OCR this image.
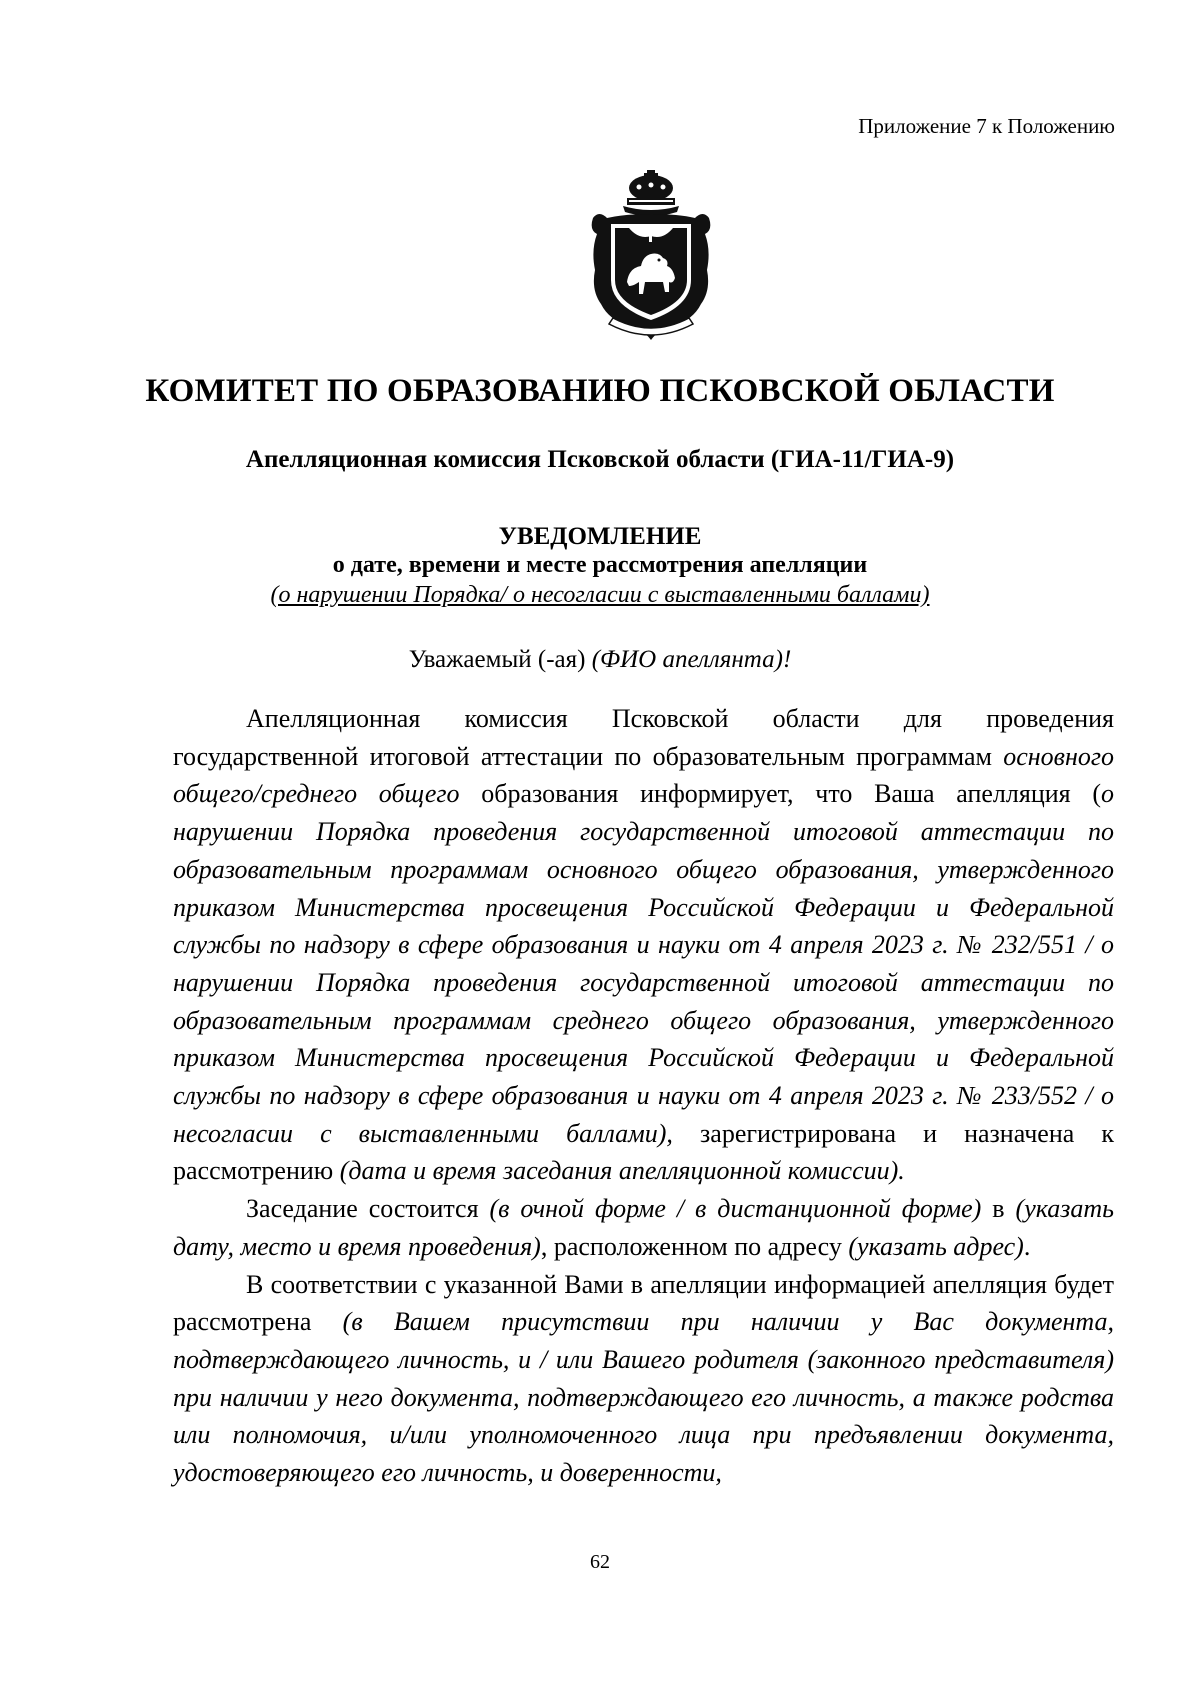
Приложение 7 к Положению
КОМИТЕТ ПО ОБРАЗОВАНИЮ ПСКОВСКОЙ ОБЛАСТИ
Апелляционная комиссия Псковской области (ГИА-11/ГИА-9)
УВЕДОМЛЕНИЕ
о дате, времени и месте рассмотрения апелляции
(о нарушении Порядка/ о несогласии с выставленными баллами)
Уважаемый (-ая) (ФИО апеллянта)!

Апелляционная комиссия Псковской области для проведения государственной итоговой аттестации по образовательным программам основного общего/среднего общего образования информирует, что Ваша апелляция (о нарушении Порядка проведения государственной итоговой аттестации по образовательным программам основного общего образования, утвержденного приказом Министерства просвещения Российской Федерации и Федеральной службы по надзору в сфере образования и науки от 4 апреля 2023 г. № 232/551 / о нарушении Порядка проведения государственной итоговой аттестации по образовательным программам среднего общего образования, утвержденного приказом Министерства просвещения Российской Федерации и Федеральной службы по надзору в сфере образования и науки от 4 апреля 2023 г. № 233/552 / о несогласии с выставленными баллами), зарегистрирована и назначена к рассмотрению (дата и время заседания апелляционной комиссии).

Заседание состоится (в очной форме / в дистанционной форме) в (указать дату, место и время проведения), расположенном по адресу (указать адрес).

В соответствии с указанной Вами в апелляции информацией апелляция будет рассмотрена (в Вашем присутствии при наличии у Вас документа, подтверждающего личность, и / или Вашего родителя (законного представителя) при наличии у него документа, подтверждающего его личность, а также родства или полномочия, и/или уполномоченного лица при предъявлении документа, удостоверяющего его личность, и доверенности,

62
